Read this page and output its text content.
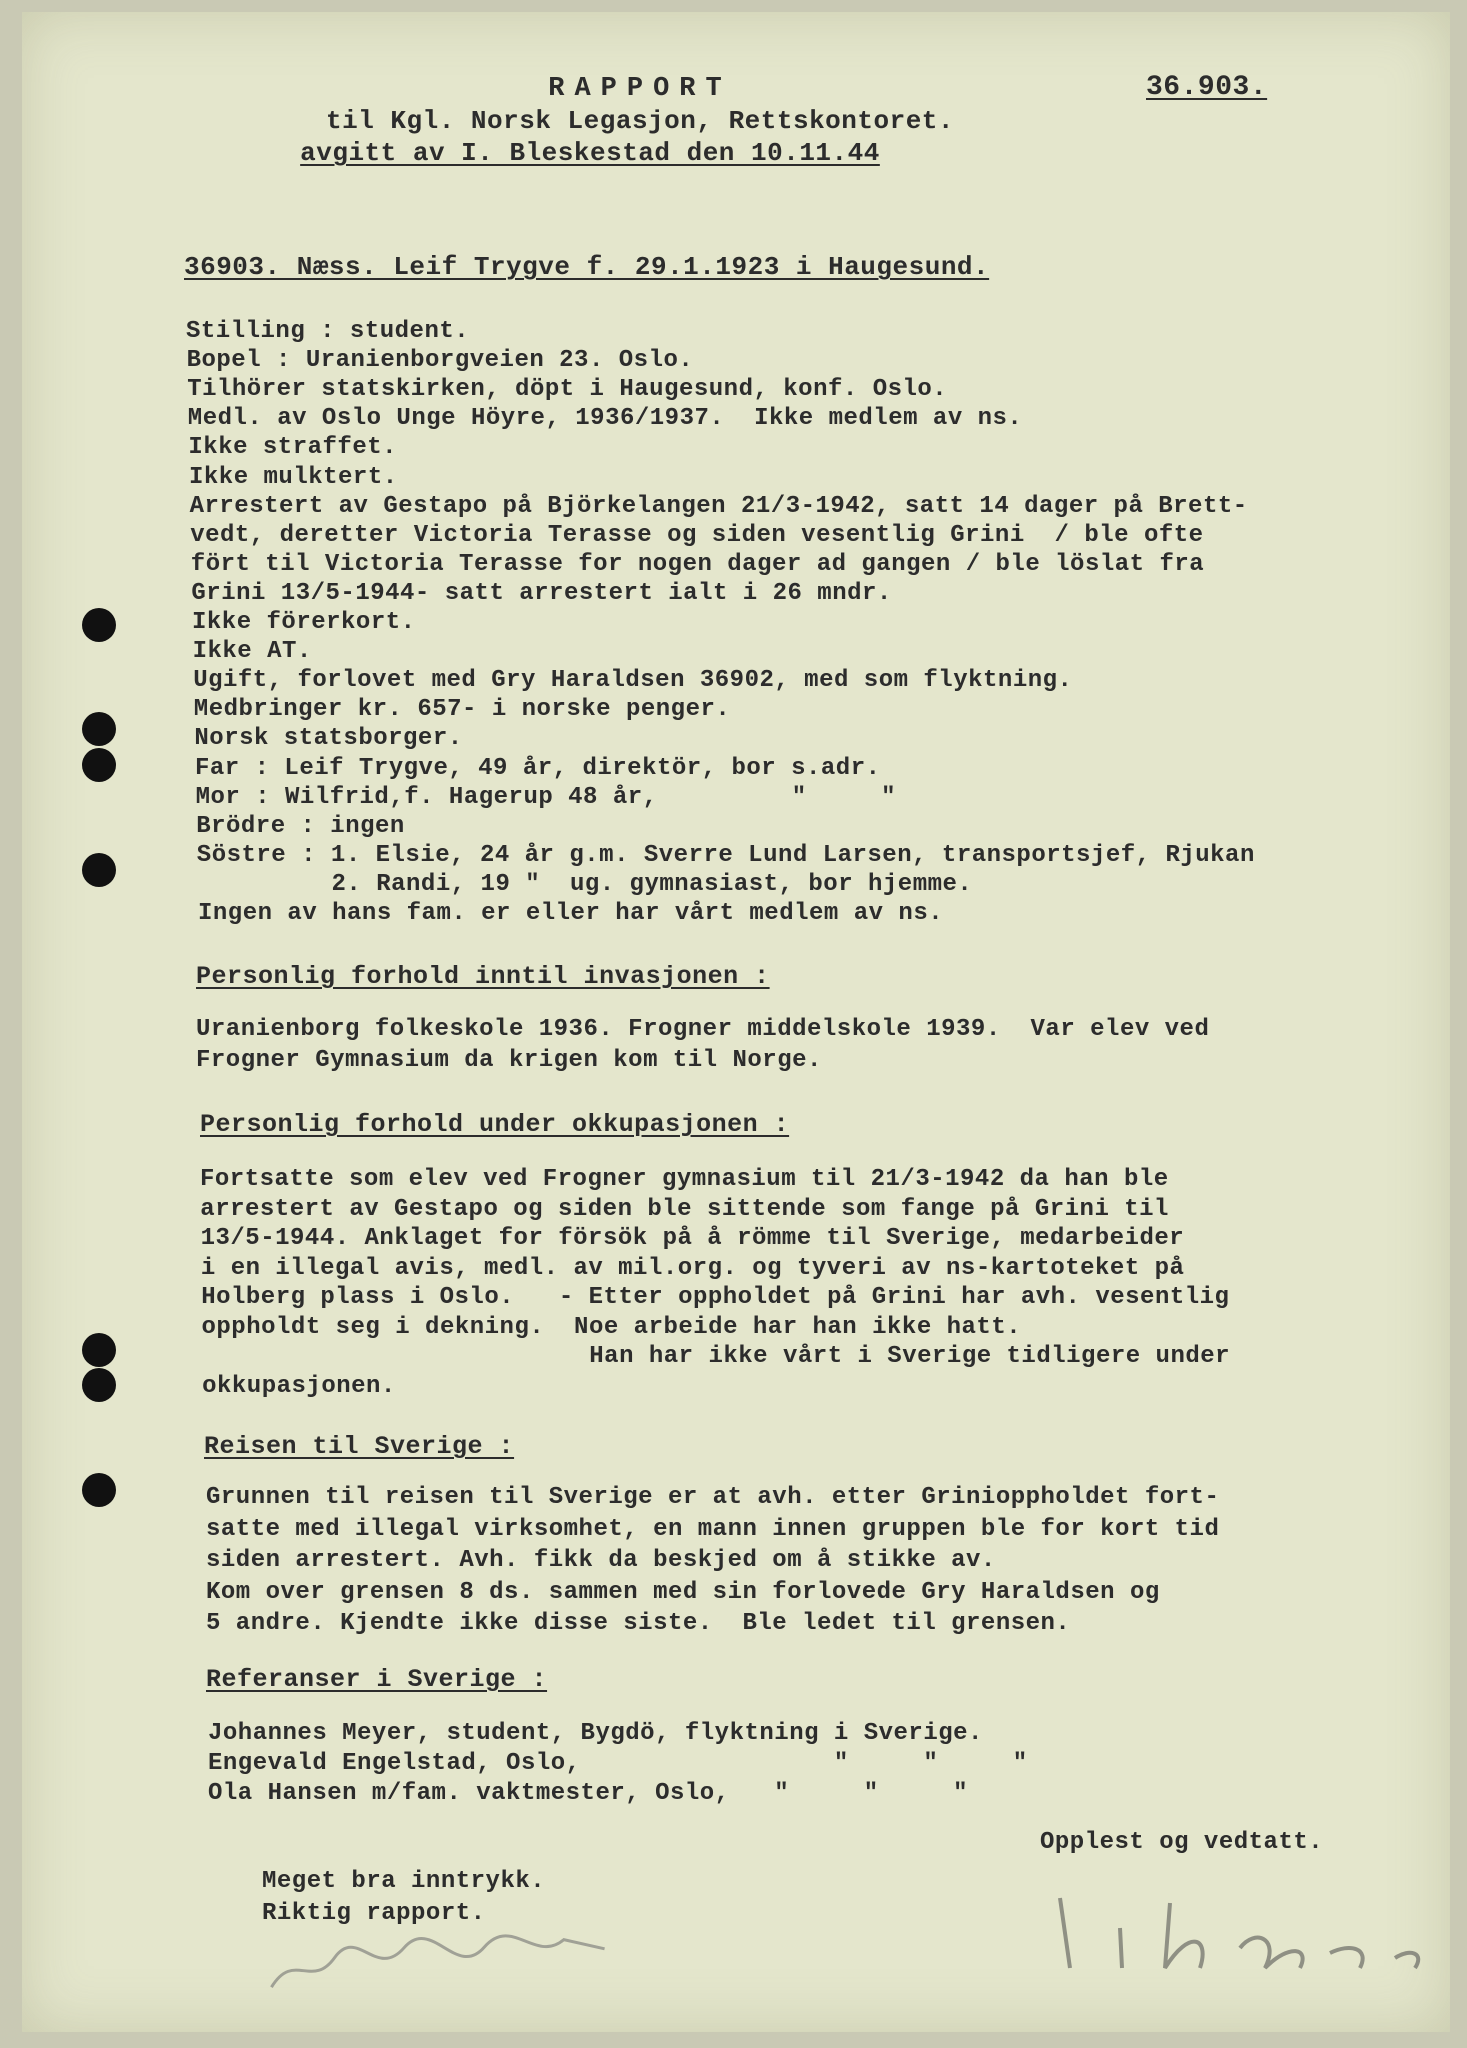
RAPPORT
til Kgl. Norsk Legasjon, Rettskontoret.
avgitt av I. Bleskestad den 10.11.44
36.903.
36903. Næss. Leif Trygve f. 29.1.1923 i Haugesund.
Stilling : student.
Bopel : Uranienborgveien 23. Oslo.
Tilhörer statskirken, döpt i Haugesund, konf. Oslo.
Medl. av Oslo Unge Höyre, 1936/1937.  Ikke medlem av ns.
Ikke straffet.
Ikke mulktert.
Arrestert av Gestapo på Björkelangen 21/3-1942, satt 14 dager på Brett-
vedt, deretter Victoria Terasse og siden vesentlig Grini  / ble ofte
fört til Victoria Terasse for nogen dager ad gangen / ble löslat fra
Grini 13/5-1944- satt arrestert ialt i 26 mndr.
Ikke förerkort.
Ikke AT.
Ugift, forlovet med Gry Haraldsen 36902, med som flyktning.
Medbringer kr. 657- i norske penger.
Norsk statsborger.
Far : Leif Trygve, 49 år, direktör, bor s.adr.
Mor : Wilfrid,f. Hagerup 48 år,         "     "
Brödre : ingen
Söstre : 1. Elsie, 24 år g.m. Sverre Lund Larsen, transportsjef, Rjukan
2. Randi, 19 "  ug. gymnasiast, bor hjemme.
Ingen av hans fam. er eller har vårt medlem av ns.
Personlig forhold inntil invasjonen :
Uranienborg folkeskole 1936. Frogner middelskole 1939.  Var elev ved
Frogner Gymnasium da krigen kom til Norge.
Personlig forhold under okkupasjonen :
Fortsatte som elev ved Frogner gymnasium til 21/3-1942 da han ble
arrestert av Gestapo og siden ble sittende som fange på Grini til
13/5-1944. Anklaget for försök på å römme til Sverige, medarbeider
i en illegal avis, medl. av mil.org. og tyveri av ns-kartoteket på
Holberg plass i Oslo.   - Etter oppholdet på Grini har avh. vesentlig
oppholdt seg i dekning.  Noe arbeide har han ikke hatt.
Han har ikke vårt i Sverige tidligere under
okkupasjonen.
Reisen til Sverige :
Grunnen til reisen til Sverige er at avh. etter Grinioppholdet fort-
satte med illegal virksomhet, en mann innen gruppen ble for kort tid
siden arrestert. Avh. fikk da beskjed om å stikke av.
Kom over grensen 8 ds. sammen med sin forlovede Gry Haraldsen og
5 andre. Kjendte ikke disse siste.  Ble ledet til grensen.
Referanser i Sverige :
Johannes Meyer, student, Bygdö, flyktning i Sverige.
Engevald Engelstad, Oslo,                 "     "     "
Ola Hansen m/fam. vaktmester, Oslo,   "     "     "
Opplest og vedtatt.
Meget bra inntrykk.
Riktig rapport.
